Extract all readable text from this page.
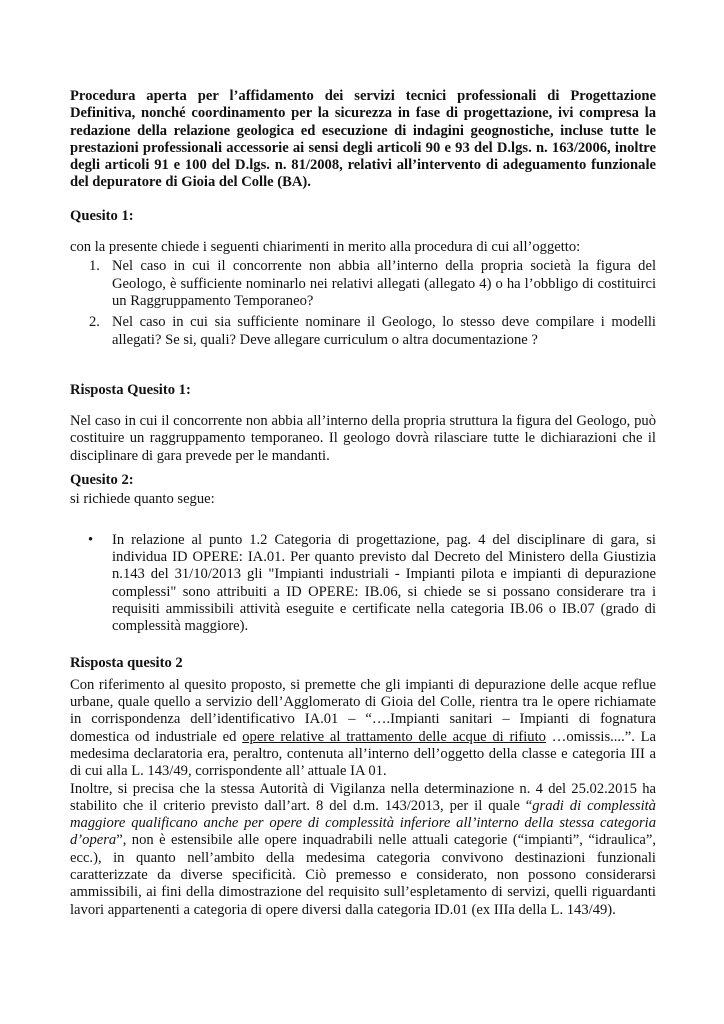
Procedura aperta per l’affidamento dei servizi tecnici professionali di Progettazione Definitiva, nonché coordinamento per la sicurezza in fase di progettazione, ivi compresa la redazione della relazione geologica ed esecuzione di indagini geognostiche, incluse tutte le prestazioni professionali accessorie ai sensi degli articoli 90 e 93 del D.lgs. n. 163/2006, inoltre degli articoli 91 e 100 del D.lgs. n. 81/2008, relativi all’intervento di adeguamento funzionale del depuratore di Gioia del Colle (BA).

Quesito 1:

con la presente chiede i seguenti chiarimenti in merito alla procedura di cui all’oggetto:

1. Nel caso in cui il concorrente non abbia all’interno della propria società la figura del Geologo, è sufficiente nominarlo nei relativi allegati (allegato 4) o ha l’obbligo di costituirci un Raggruppamento Temporaneo?
2. Nel caso in cui sia sufficiente nominare il Geologo, lo stesso deve compilare i modelli allegati? Se si, quali? Deve allegare curriculum o altra documentazione ?

Risposta Quesito 1:

Nel caso in cui il concorrente non abbia all’interno della propria struttura la figura del Geologo, può costituire un raggruppamento temporaneo. Il geologo dovrà rilasciare tutte le dichiarazioni che il disciplinare di gara prevede per le mandanti.

Quesito 2:

si richiede quanto segue:

• In relazione al punto 1.2 Categoria di progettazione, pag. 4 del disciplinare di gara, si individua ID OPERE: IA.01. Per quanto previsto dal Decreto del Ministero della Giustizia n.143 del 31/10/2013 gli "Impianti industriali - Impianti pilota e impianti di depurazione complessi" sono attribuiti a ID OPERE: IB.06, si chiede se si possano considerare tra i requisiti ammissibili attività eseguite e certificate nella categoria IB.06 o IB.07 (grado di complessità maggiore).

Risposta quesito 2

Con riferimento al quesito proposto, si premette che gli impianti di depurazione delle acque reflue urbane, quale quello a servizio dell’Agglomerato di Gioia del Colle, rientra tra le opere richiamate in corrispondenza dell’identificativo IA.01 – “….Impianti sanitari – Impianti di fognatura domestica od industriale ed opere relative al trattamento delle acque di rifiuto …omissis....”. La medesima declaratoria era, peraltro, contenuta all’interno dell’oggetto della classe e categoria III a di cui alla L. 143/49, corrispondente all’ attuale IA 01.

Inoltre, si precisa che la stessa Autorità di Vigilanza nella determinazione n. 4 del 25.02.2015 ha stabilito che il criterio previsto dall’art. 8 del d.m. 143/2013, per il quale “gradi di complessità maggiore qualificano anche per opere di complessità inferiore all’interno della stessa categoria d’opera”, non è estensibile alle opere inquadrabili nelle attuali categorie (“impianti”, “idraulica”, ecc.), in quanto nell’ambito della medesima categoria convivono destinazioni funzionali caratterizzate da diverse specificità. Ciò premesso e considerato, non possono considerarsi ammissibili, ai fini della dimostrazione del requisito sull’espletamento di servizi, quelli riguardanti lavori appartenenti a categoria di opere diversi dalla categoria ID.01 (ex IIIa della L. 143/49).
